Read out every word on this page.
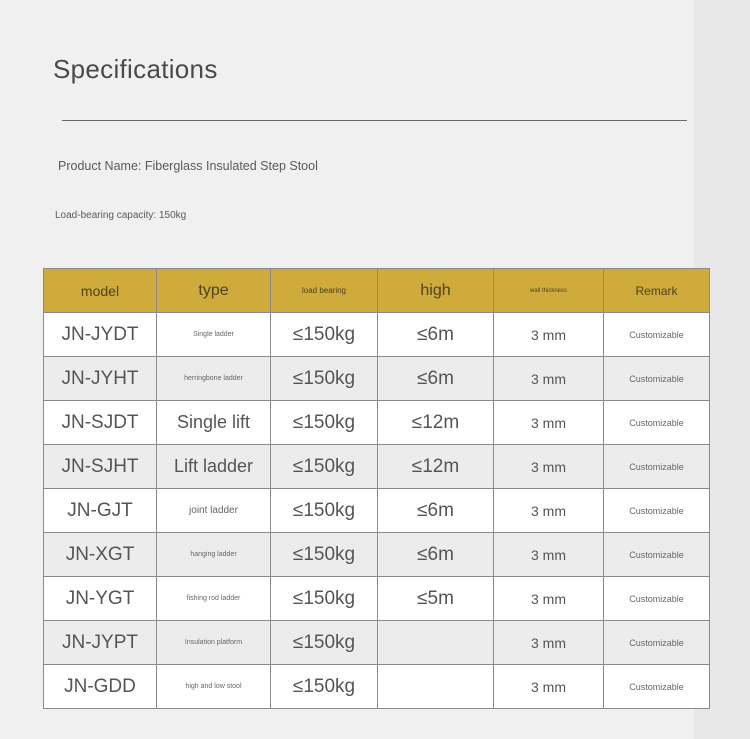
Specifications
Product Name: Fiberglass Insulated Step Stool
Load-bearing capacity: 150kg
model	type	load bearing	high	wall thickness	Remark
JN-JYDT	Single ladder	≤150kg	≤6m	3 mm	Customizable
JN-JYHT	herringbone ladder	≤150kg	≤6m	3 mm	Customizable
JN-SJDT	Single lift	≤150kg	≤12m	3 mm	Customizable
JN-SJHT	Lift ladder	≤150kg	≤12m	3 mm	Customizable
JN-GJT	joint ladder	≤150kg	≤6m	3 mm	Customizable
JN-XGT	hanging ladder	≤150kg	≤6m	3 mm	Customizable
JN-YGT	fishing rod ladder	≤150kg	≤5m	3 mm	Customizable
JN-JYPT	Insulation platform	≤150kg		3 mm	Customizable
JN-GDD	high and low stool	≤150kg		3 mm	Customizable
